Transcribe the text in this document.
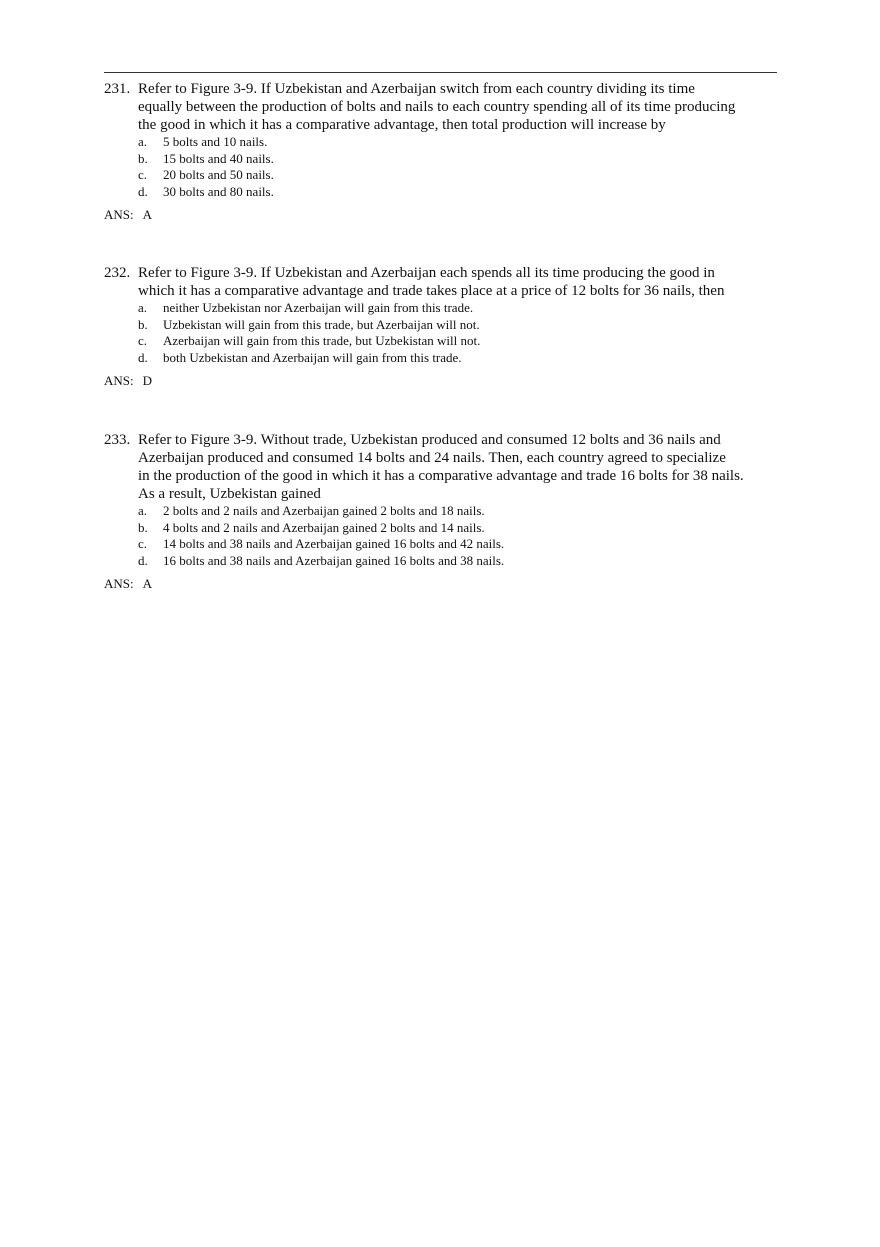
231. Refer to Figure 3-9. If Uzbekistan and Azerbaijan switch from each country dividing its time
equally between the production of bolts and nails to each country spending all of its time producing
the good in which it has a comparative advantage, then total production will increase by
a. 5 bolts and 10 nails.
b. 15 bolts and 40 nails.
c. 20 bolts and 50 nails.
d. 30 bolts and 80 nails.
ANS: A
232. Refer to Figure 3-9. If Uzbekistan and Azerbaijan each spends all its time producing the good in
which it has a comparative advantage and trade takes place at a price of 12 bolts for 36 nails, then
a. neither Uzbekistan nor Azerbaijan will gain from this trade.
b. Uzbekistan will gain from this trade, but Azerbaijan will not.
c. Azerbaijan will gain from this trade, but Uzbekistan will not.
d. both Uzbekistan and Azerbaijan will gain from this trade.
ANS: D
233. Refer to Figure 3-9. Without trade, Uzbekistan produced and consumed 12 bolts and 36 nails and
Azerbaijan produced and consumed 14 bolts and 24 nails. Then, each country agreed to specialize
in the production of the good in which it has a comparative advantage and trade 16 bolts for 38 nails.
As a result, Uzbekistan gained
a. 2 bolts and 2 nails and Azerbaijan gained 2 bolts and 18 nails.
b. 4 bolts and 2 nails and Azerbaijan gained 2 bolts and 14 nails.
c. 14 bolts and 38 nails and Azerbaijan gained 16 bolts and 42 nails.
d. 16 bolts and 38 nails and Azerbaijan gained 16 bolts and 38 nails.
ANS: A
